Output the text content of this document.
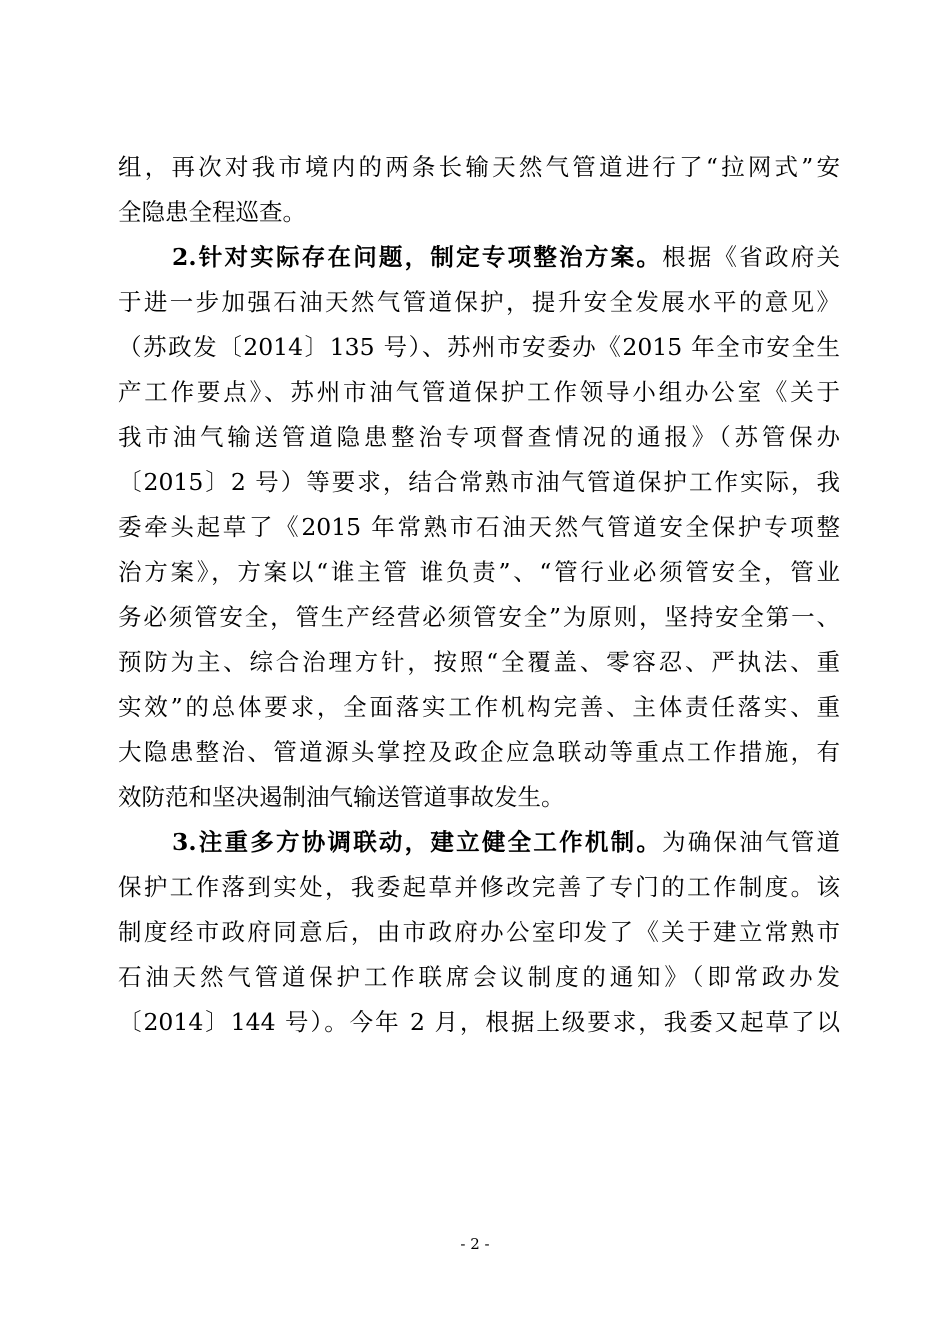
组，再次对我市境内的两条长输天然气管道进行了“拉网式”安
全隐患全程巡查。
2.针对实际存在问题，制定专项整治方案。根据《省政府关
于进一步加强石油天然气管道保护，提升安全发展水平的意见》
（苏政发〔2014〕135 号）、苏州市安委办《2015 年全市安全生
产工作要点》、苏州市油气管道保护工作领导小组办公室《关于
我市油气输送管道隐患整治专项督查情况的通报》（苏管保办
〔2015〕2 号）等要求，结合常熟市油气管道保护工作实际，我
委牵头起草了《2015 年常熟市石油天然气管道安全保护专项整
治方案》，方案以“谁主管 谁负责”、“管行业必须管安全，管业
务必须管安全，管生产经营必须管安全”为原则，坚持安全第一、
预防为主、综合治理方针，按照“全覆盖、零容忍、严执法、重
实效”的总体要求，全面落实工作机构完善、主体责任落实、重
大隐患整治、管道源头掌控及政企应急联动等重点工作措施，有
效防范和坚决遏制油气输送管道事故发生。
3.注重多方协调联动，建立健全工作机制。为确保油气管道
保护工作落到实处，我委起草并修改完善了专门的工作制度。该
制度经市政府同意后，由市政府办公室印发了《关于建立常熟市
石油天然气管道保护工作联席会议制度的通知》（即常政办发
〔2014〕144 号）。今年 2 月，根据上级要求，我委又起草了以
- 2 -
